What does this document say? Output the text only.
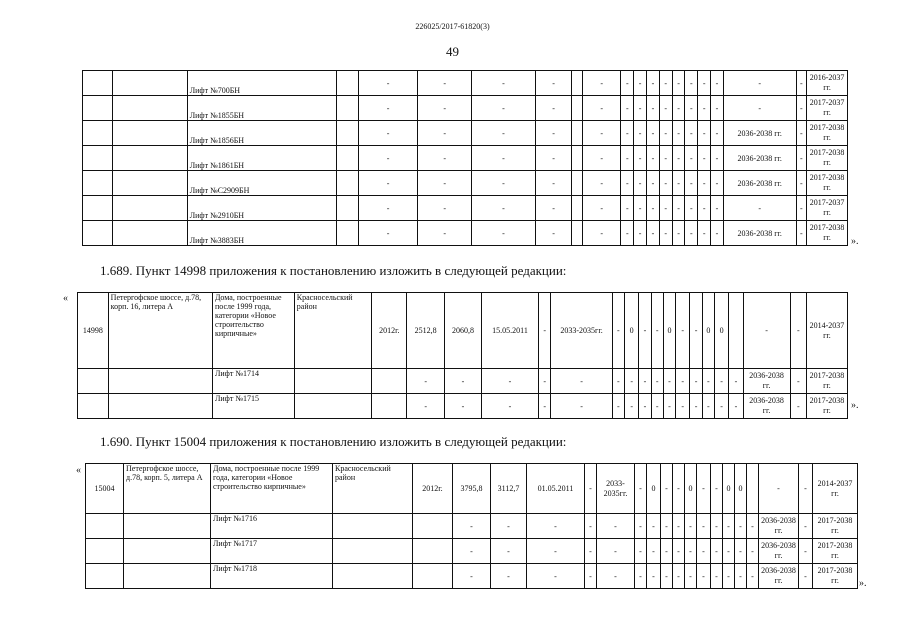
226025/2017-61820(3)
49
		Лифт №700БН		-	-	-	-		-	-	-	-	-	-	-	-	-	-	-	2016-2037 гг.
		Лифт №1855БН		-	-	-	-		-	-	-	-	-	-	-	-	-	-	-	2017-2037 гг.
		Лифт №1856БН		-	-	-	-		-	-	-	-	-	-	-	-	-	2036-2038 гг.	-	2017-2038 гг.
		Лифт №1861БН		-	-	-	-		-	-	-	-	-	-	-	-	-	2036-2038 гг.	-	2017-2038 гг.
		Лифт №С2909БН		-	-	-	-		-	-	-	-	-	-	-	-	-	2036-2038 гг.	-	2017-2038 гг.
		Лифт №2910БН		-	-	-	-		-	-	-	-	-	-	-	-	-	-	-	2017-2037 гг.
		Лифт №3883БН		-	-	-	-		-	-	-	-	-	-	-	-	-	2036-2038 гг.	-	2017-2038 гг. ».
1.689. Пункт 14998 приложения к постановлению изложить в следующей редакции:
«
14998	Петергофское шоссе, д.78, корп. 16, литера А	Дома, построенные после 1999 года, категории «Новое строительство кирпичные»	Красносельский район	2012г.	2512,8	2060,8	15.05.2011	-	2033-2035гг.	-	0	-	-	0	-	-	0	0		-	-	2014-2037 гг.
		Лифт №1714			-	-	-	-	-	-	-	-	-	-	-	-	-	-	-	2036-2038 гг.	-	2017-2038 гг.
		Лифт №1715			-	-	-	-	-	-	-	-	-	-	-	-	-	-	-	2036-2038 гг.	-	2017-2038 гг. ».
1.690. Пункт 15004 приложения к постановлению изложить в следующей редакции:
«
15004	Петергофское шоссе, д.78, корп. 5, литера А	Дома, построенные после 1999 года, категории «Новое строительство кирпичные»	Красносельский район	2012г.	3795,8	3112,7	01.05.2011	-	2033-2035гг.	-	0	-	-	0	-	-	0	0		-	-	2014-2037 гг.
		Лифт №1716			-	-	-	-	-	-	-	-	-	-	-	-	-	-	-	2036-2038 гг.	-	2017-2038 гг.
		Лифт №1717			-	-	-	-	-	-	-	-	-	-	-	-	-	-	-	2036-2038 гг.	-	2017-2038 гг.
		Лифт №1718			-	-	-	-	-	-	-	-	-	-	-	-	-	-	-	2036-2038 гг.	-	2017-2038 гг. ».
